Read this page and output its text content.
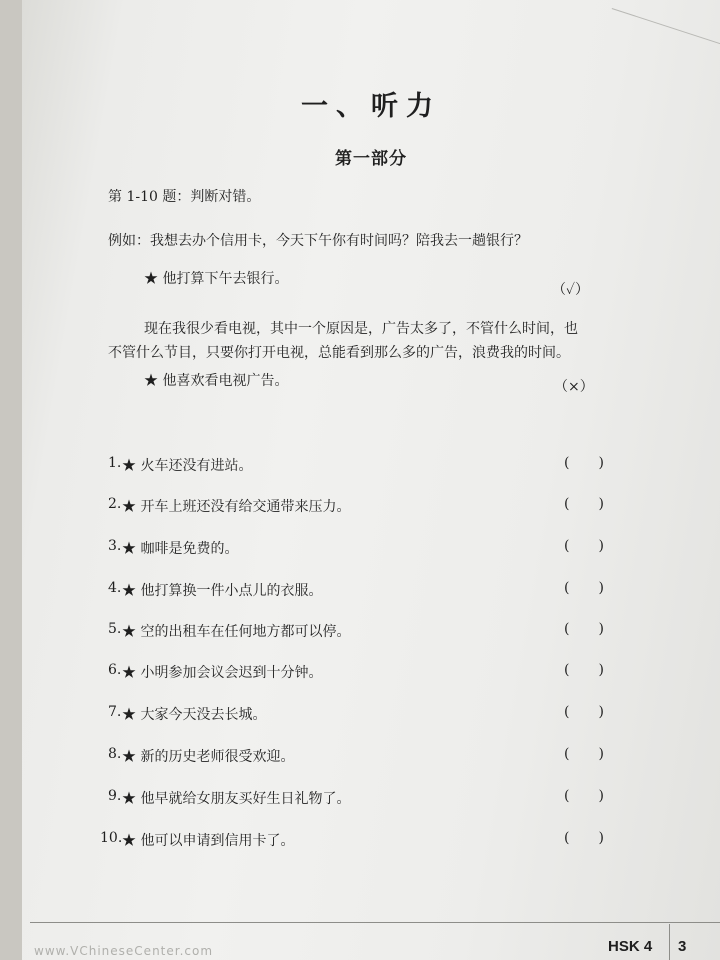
一、听力
第一部分
第 1-10 题：判断对错。
例如：我想去办个信用卡，今天下午你有时间吗？陪我去一趟银行？
★ 他打算下午去银行。
（✓）
现在我很少看电视，其中一个原因是，广告太多了，不管什么时间，也
不管什么节目，只要你打开电视，总能看到那么多的广告，浪费我的时间。
★ 他喜欢看电视广告。	（×）
1. ★ 火车还没有进站。
( )
2. ★ 开车上班还没有给交通带来压力。
( )
3. ★ 咖啡是免费的。
( )
4. ★ 他打算换一件小点儿的衣服。
( )
5. ★ 空的出租车在任何地方都可以停。
( )
6. ★ 小明参加会议会迟到十分钟。
( )
7. ★ 大家今天没去长城。
( )
8. ★ 新的历史老师很受欢迎。
( )
9. ★ 他早就给女朋友买好生日礼物了。
( )
10. ★ 他可以申请到信用卡了。
( )
www.VChineseCenter.com	HSK 4 3
